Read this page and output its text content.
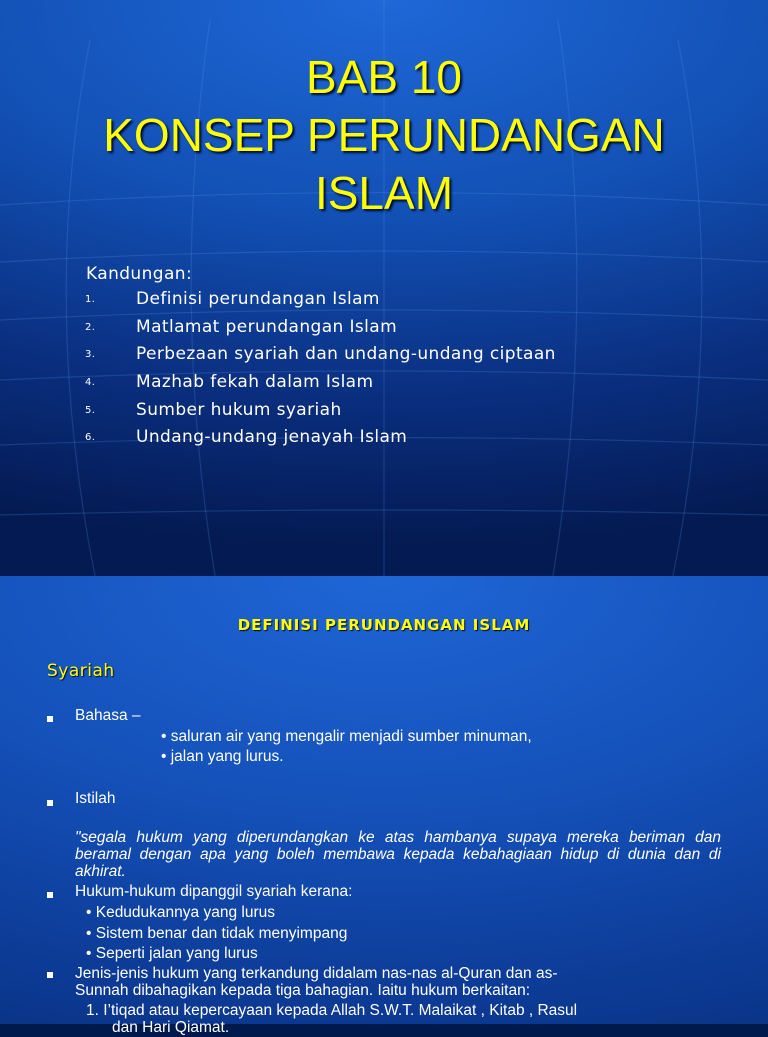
BAB 10
KONSEP PERUNDANGAN
ISLAM
Kandungan:
1.	Definisi perundangan Islam
2.	Matlamat perundangan Islam
3.	Perbezaan syariah dan undang-undang ciptaan
4.	Mazhab fekah dalam Islam
5.	Sumber hukum syariah
6.	Undang-undang jenayah Islam
DEFINISI PERUNDANGAN ISLAM
Syariah
Bahasa –
• saluran air yang mengalir menjadi sumber minuman,
• jalan yang lurus.
Istilah
"segala hukum yang diperundangkan ke atas hambanya supaya mereka beriman dan beramal dengan apa yang boleh membawa kepada kebahagiaan hidup di dunia dan di akhirat.
Hukum-hukum dipanggil syariah kerana:
• Kedudukannya yang lurus
• Sistem benar dan tidak menyimpang
• Seperti jalan yang lurus
Jenis-jenis hukum yang terkandung didalam nas-nas al-Quran dan as-
Sunnah dibahagikan kepada tiga bahagian. Iaitu hukum berkaitan:
1. I’tiqad atau kepercayaan kepada Allah S.W.T. Malaikat , Kitab , Rasul
dan Hari Qiamat.
